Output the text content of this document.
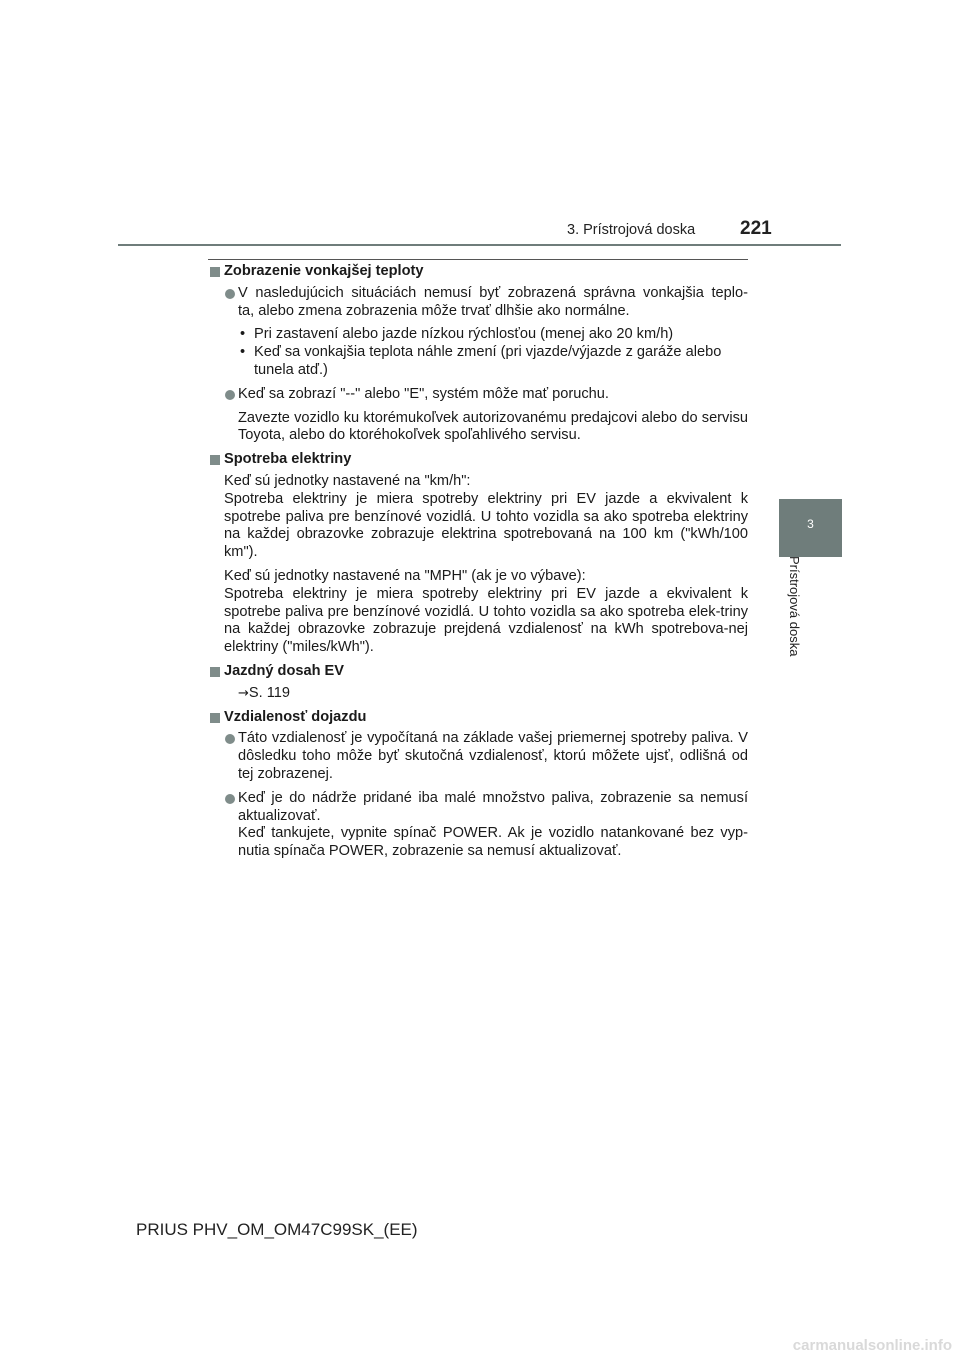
3. Prístrojová doska 221
3
Prístrojová doska
Zobrazenie vonkajšej teploty
V nasledujúcich situáciách nemusí byť zobrazená správna vonkajšia teplo-
ta, alebo zmena zobrazenia môže trvať dlhšie ako normálne.
• Pri zastavení alebo jazde nízkou rýchlosťou (menej ako 20 km/h)
• Keď sa vonkajšia teplota náhle zmení (pri vjazde/výjazde z garáže alebo tunela atď.)
Keď sa zobrazí "--" alebo "E", systém môže mať poruchu.
Zavezte vozidlo ku ktorémukoľvek autorizovanému predajcovi alebo do servisu Toyota, alebo do ktoréhokoľvek spoľahlivého servisu.
Spotreba elektriny
Keď sú jednotky nastavené na "km/h":
Spotreba elektriny je miera spotreby elektriny pri EV jazde a ekvivalent k spotrebe paliva pre benzínové vozidlá. U tohto vozidla sa ako spotreba elektriny na každej obrazovke zobrazuje elektrina spotrebovaná na 100 km ("kWh/100 km").
Keď sú jednotky nastavené na "MPH" (ak je vo výbave):
Spotreba elektriny je miera spotreby elektriny pri EV jazde a ekvivalent k spotrebe paliva pre benzínové vozidlá. U tohto vozidla sa ako spotreba elek-triny na každej obrazovke zobrazuje prejdená vzdialenosť na kWh spotrebova-nej elektriny ("miles/kWh").
Jazdný dosah EV
→S. 119
Vzdialenosť dojazdu
Táto vzdialenosť je vypočítaná na základe vašej priemernej spotreby paliva. V dôsledku toho môže byť skutočná vzdialenosť, ktorú môžete ujsť, odlišná od tej zobrazenej.
Keď je do nádrže pridané iba malé množstvo paliva, zobrazenie sa nemusí aktualizovať.
Keď tankujete, vypnite spínač POWER. Ak je vozidlo natankované bez vyp-nutia spínača POWER, zobrazenie sa nemusí aktualizovať.
PRIUS PHV_OM_OM47C99SK_(EE)
carmanualsonline.info
